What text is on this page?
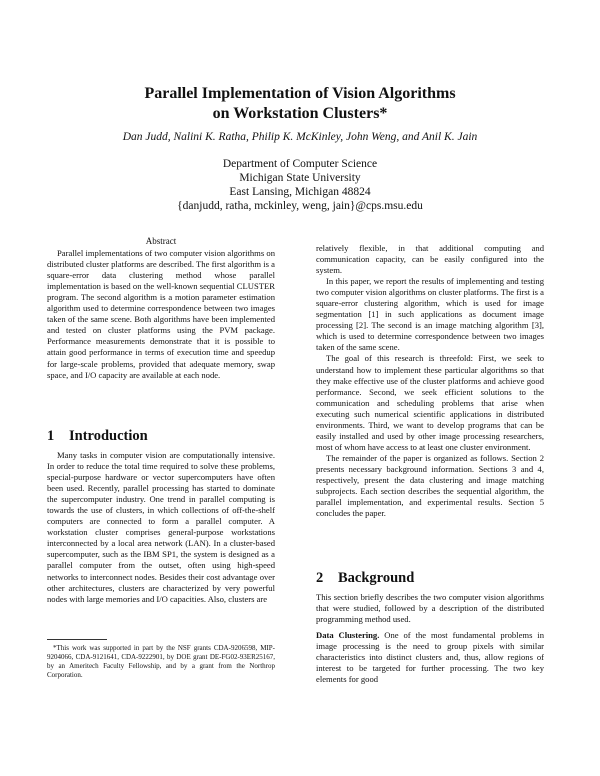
Parallel Implementation of Vision Algorithms
on Workstation Clusters*
Dan Judd, Nalini K. Ratha, Philip K. McKinley, John Weng, and Anil K. Jain
Department of Computer Science
Michigan State University
East Lansing, Michigan 48824
{danjudd, ratha, mckinley, weng, jain}@cps.msu.edu
Abstract

Parallel implementations of two computer vision algorithms on distributed cluster platforms are described. The first algorithm is a square-error data clustering method whose parallel implementation is based on the well-known sequential CLUSTER program. The second algorithm is a motion parameter estimation algorithm used to determine correspondence between two images taken of the same scene. Both algorithms have been implemented and tested on cluster platforms using the PVM package. Performance measurements demonstrate that it is possible to attain good performance in terms of execution time and speedup for large-scale problems, provided that adequate memory, swap space, and I/O capacity are available at each node.

1 Introduction

Many tasks in computer vision are computationally intensive. In order to reduce the total time required to solve these problems, special-purpose hardware or vector supercomputers have often been used. Recently, parallel processing has started to dominate the supercomputer industry. One trend in parallel computing is towards the use of clusters, in which collections of off-the-shelf computers are connected to form a parallel computer. A workstation cluster comprises general-purpose workstations interconnected by a local area network (LAN). In a cluster-based supercomputer, such as the IBM SP1, the system is designed as a parallel computer from the outset, often using high-speed networks to interconnect nodes. Besides their cost advantage over other architectures, clusters are characterized by very powerful nodes with large memories and I/O capacities. Also, clusters are

*This work was supported in part by the NSF grants CDA-9206598, MIP-9204066, CDA-9121641, CDA-9222901, by DOE grant DE-FG02-93ER25167, by an Ameritech Faculty Fellowship, and by a grant from the Northrop Corporation.

relatively flexible, in that additional computing and communication capacity, can be easily configured into the system.

In this paper, we report the results of implementing and testing two computer vision algorithms on cluster platforms. The first is a square-error clustering algorithm, which is used for image segmentation [1] in such applications as document image processing [2]. The second is an image matching algorithm [3], which is used to determine correspondence between two images taken of the same scene.

The goal of this research is threefold: First, we seek to understand how to implement these particular algorithms so that they make effective use of the cluster platforms and achieve good performance. Second, we seek efficient solutions to the communication and scheduling problems that arise when executing such numerical scientific applications in distributed environments. Third, we want to develop programs that can be easily installed and used by other image processing researchers, most of whom have access to at least one cluster environment.

The remainder of the paper is organized as follows. Section 2 presents necessary background information. Sections 3 and 4, respectively, present the data clustering and image matching subprojects. Each section describes the sequential algorithm, the parallel implementation, and experimental results. Section 5 concludes the paper.

2 Background

This section briefly describes the two computer vision algorithms that were studied, followed by a description of the distributed programming method used.

Data Clustering. One of the most fundamental problems in image processing is the need to group pixels with similar characteristics into distinct clusters and, thus, allow regions of interest to be targeted for further processing. The two key elements for good
